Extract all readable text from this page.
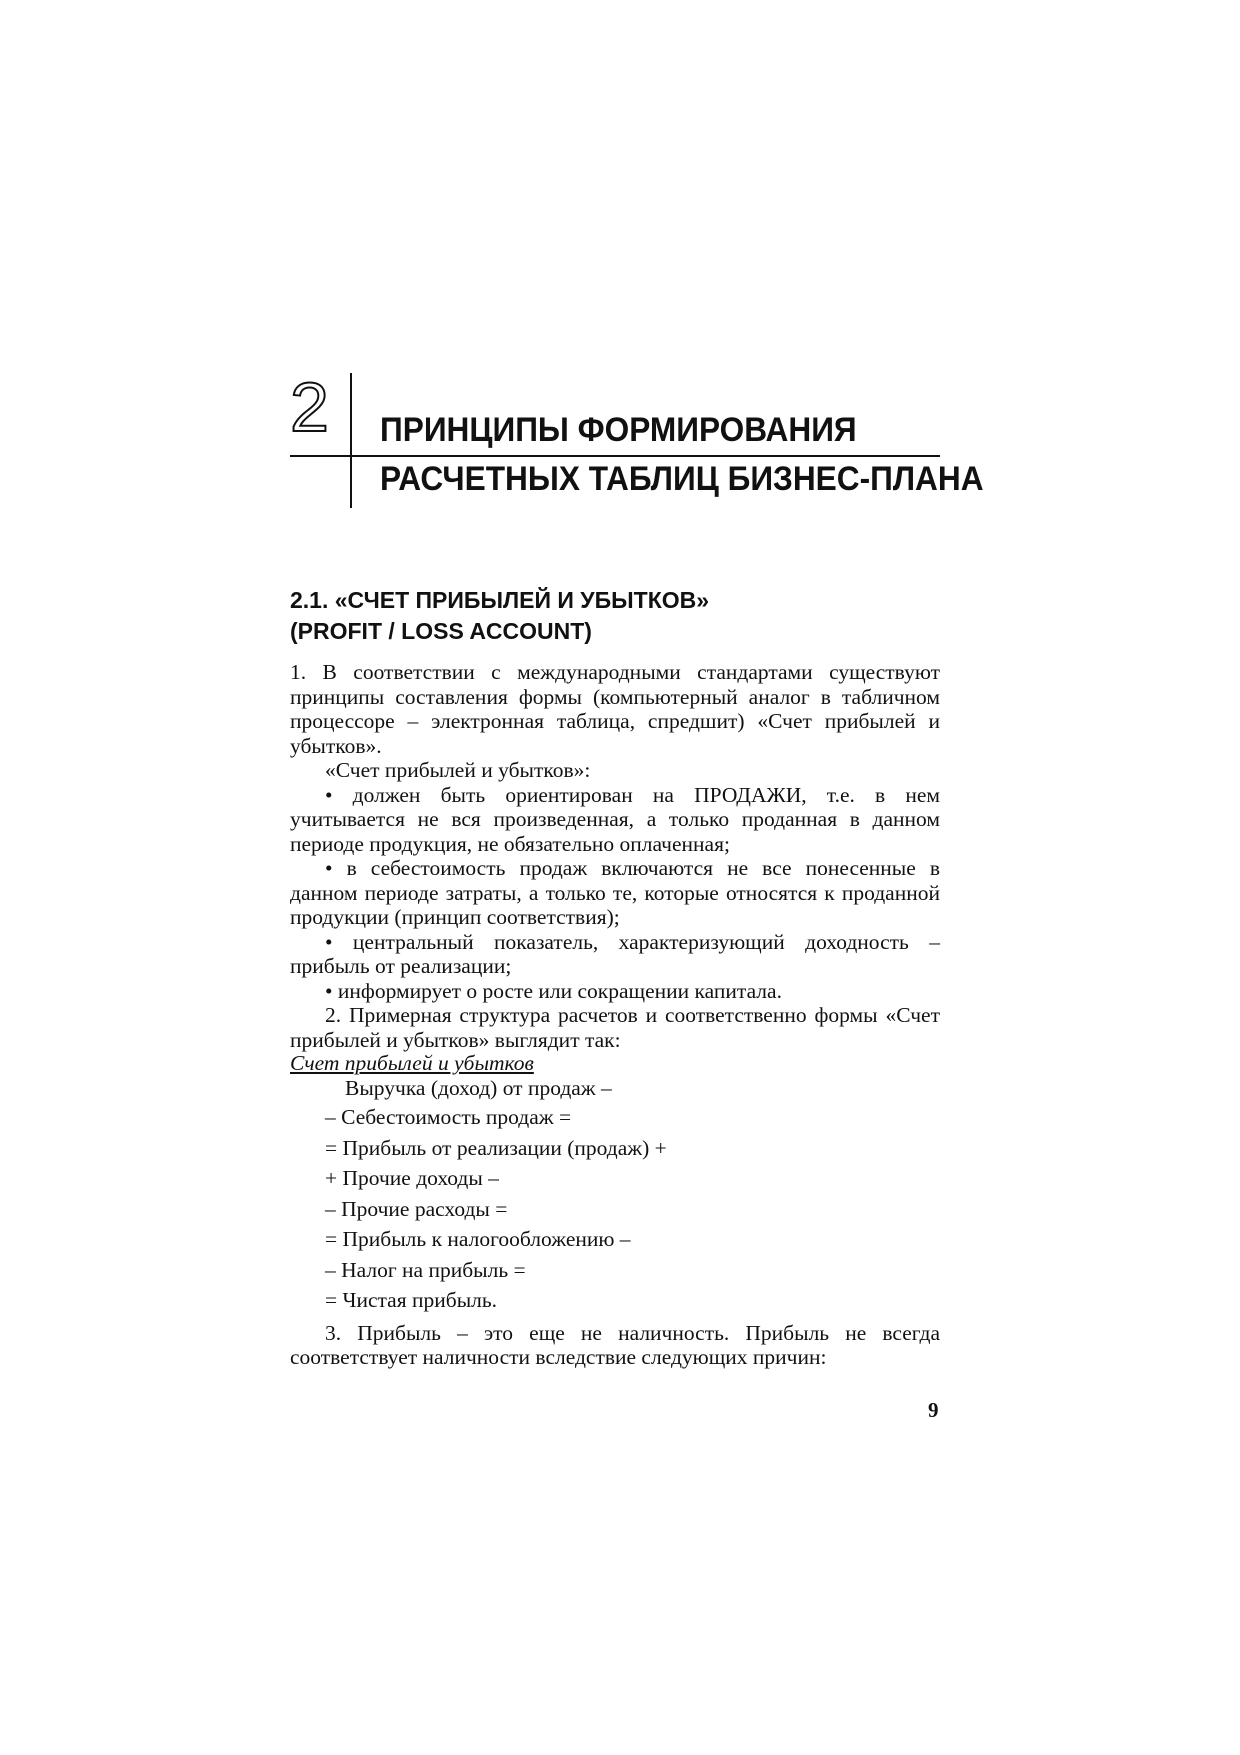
2 ПРИНЦИПЫ ФОРМИРОВАНИЯ
РАСЧЕТНЫХ ТАБЛИЦ БИЗНЕС-ПЛАНА
2.1. «СЧЕТ ПРИБЫЛЕЙ И УБЫТКОВ»
(PROFIT / LOSS ACCOUNT)

1. В соответствии с международными стандартами существуют принципы составления формы (компьютерный аналог в табличном процессоре – электронная таблица, спредшит) «Счет прибылей и убытков».

«Счет прибылей и убытков»:

• должен быть ориентирован на ПРОДАЖИ, т.е. в нем учитывается не вся произведенная, а только проданная в данном периоде продукция, не обязательно оплаченная;

• в себестоимость продаж включаются не все понесенные в данном периоде затраты, а только те, которые относятся к проданной продукции (принцип соответствия);

• центральный показатель, характеризующий доходность – прибыль от реализации;

• информирует о росте или сокращении капитала.

2. Примерная структура расчетов и соответственно формы «Счет прибылей и убытков» выглядит так:

Счет прибылей и убытков

Выручка (доход) от продаж –
– Себестоимость продаж =
= Прибыль от реализации (продаж) +
+ Прочие доходы –
– Прочие расходы =
= Прибыль к налогообложению –
– Налог на прибыль =
= Чистая прибыль.

3. Прибыль – это еще не наличность. Прибыль не всегда соответствует наличности вследствие следующих причин:

9
